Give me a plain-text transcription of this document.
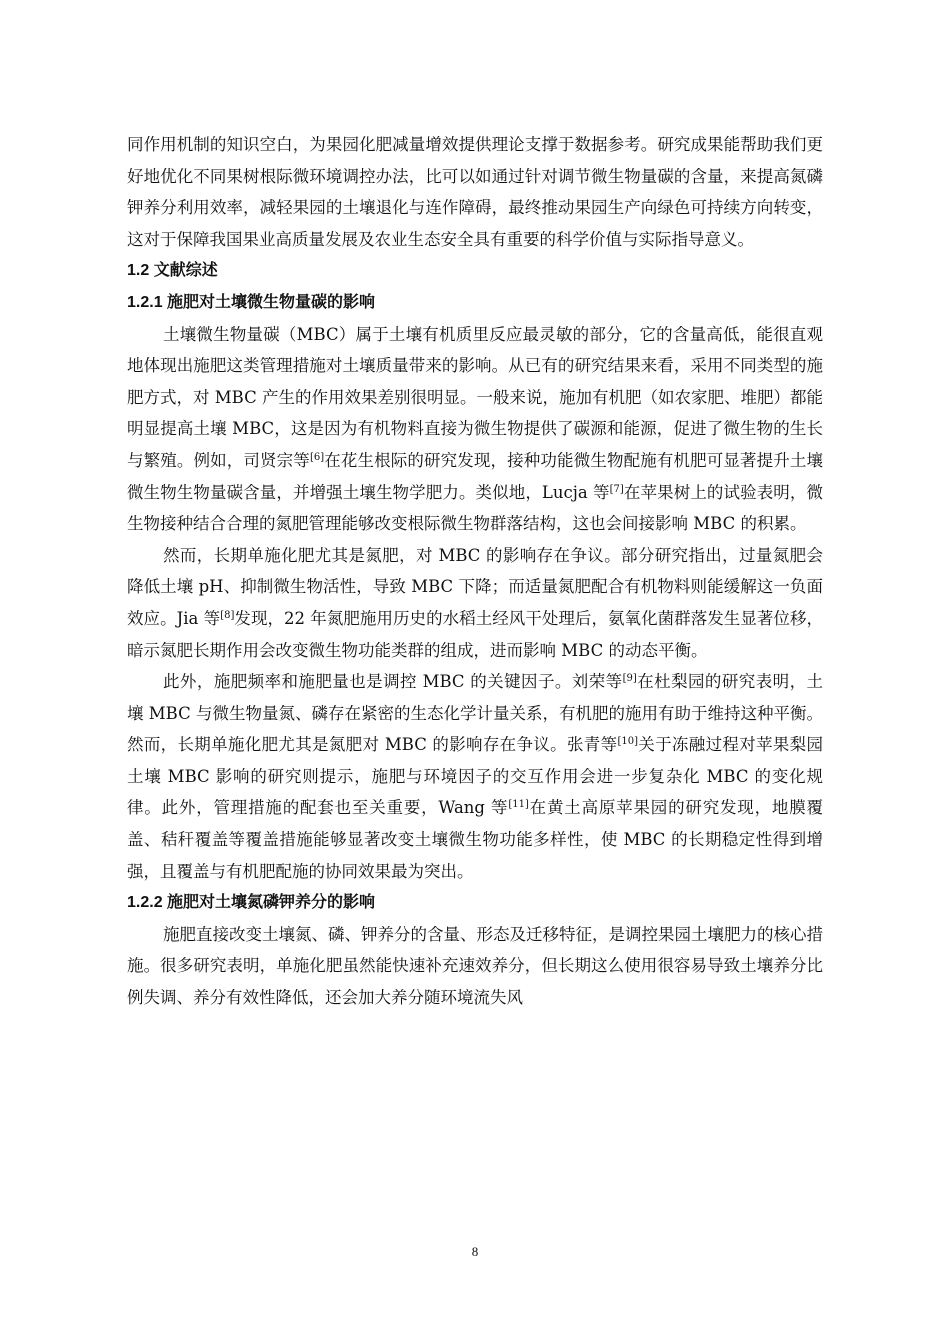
同作用机制的知识空白，为果园化肥减量增效提供理论支撑于数据参考。研究成果能帮助我们更好地优化不同果树根际微环境调控办法，比可以如通过针对调节微生物量碳的含量，来提高氮磷钾养分利用效率，减轻果园的土壤退化与连作障碍，最终推动果园生产向绿色可持续方向转变，这对于保障我国果业高质量发展及农业生态安全具有重要的科学价值与实际指导意义。

1.2 文献综述
1.2.1 施肥对土壤微生物量碳的影响

土壤微生物量碳（MBC）属于土壤有机质里反应最灵敏的部分，它的含量高低，能很直观地体现出施肥这类管理措施对土壤质量带来的影响。从已有的研究结果来看，采用不同类型的施肥方式，对 MBC 产生的作用效果差别很明显。一般来说，施加有机肥（如农家肥、堆肥）都能明显提高土壤 MBC，这是因为有机物料直接为微生物提供了碳源和能源，促进了微生物的生长与繁殖。例如，司贤宗等[6]在花生根际的研究发现，接种功能微生物配施有机肥可显著提升土壤微生物生物量碳含量，并增强土壤生物学肥力。类似地，Lucja 等[7]在苹果树上的试验表明，微生物接种结合合理的氮肥管理能够改变根际微生物群落结构，这也会间接影响 MBC 的积累。

然而，长期单施化肥尤其是氮肥，对 MBC 的影响存在争议。部分研究指出，过量氮肥会降低土壤 pH、抑制微生物活性，导致 MBC 下降；而适量氮肥配合有机物料则能缓解这一负面效应。Jia 等[8]发现，22 年氮肥施用历史的水稻土经风干处理后，氨氧化菌群落发生显著位移，暗示氮肥长期作用会改变微生物功能类群的组成，进而影响 MBC 的动态平衡。

此外，施肥频率和施肥量也是调控 MBC 的关键因子。刘荣等[9]在杜梨园的研究表明，土壤 MBC 与微生物量氮、磷存在紧密的生态化学计量关系，有机肥的施用有助于维持这种平衡。然而，长期单施化肥尤其是氮肥对 MBC 的影响存在争议。张青等[10]关于冻融过程对苹果梨园土壤 MBC 影响的研究则提示，施肥与环境因子的交互作用会进一步复杂化 MBC 的变化规律。此外，管理措施的配套也至关重要，Wang 等[11]在黄土高原苹果园的研究发现，地膜覆盖、秸秆覆盖等覆盖措施能够显著改变土壤微生物功能多样性，使 MBC 的长期稳定性得到增强，且覆盖与有机肥配施的协同效果最为突出。

1.2.2 施肥对土壤氮磷钾养分的影响

施肥直接改变土壤氮、磷、钾养分的含量、形态及迁移特征，是调控果园土壤肥力的核心措施。很多研究表明，单施化肥虽然能快速补充速效养分，但长期这么使用很容易导致土壤养分比例失调、养分有效性降低，还会加大养分随环境流失风

8
